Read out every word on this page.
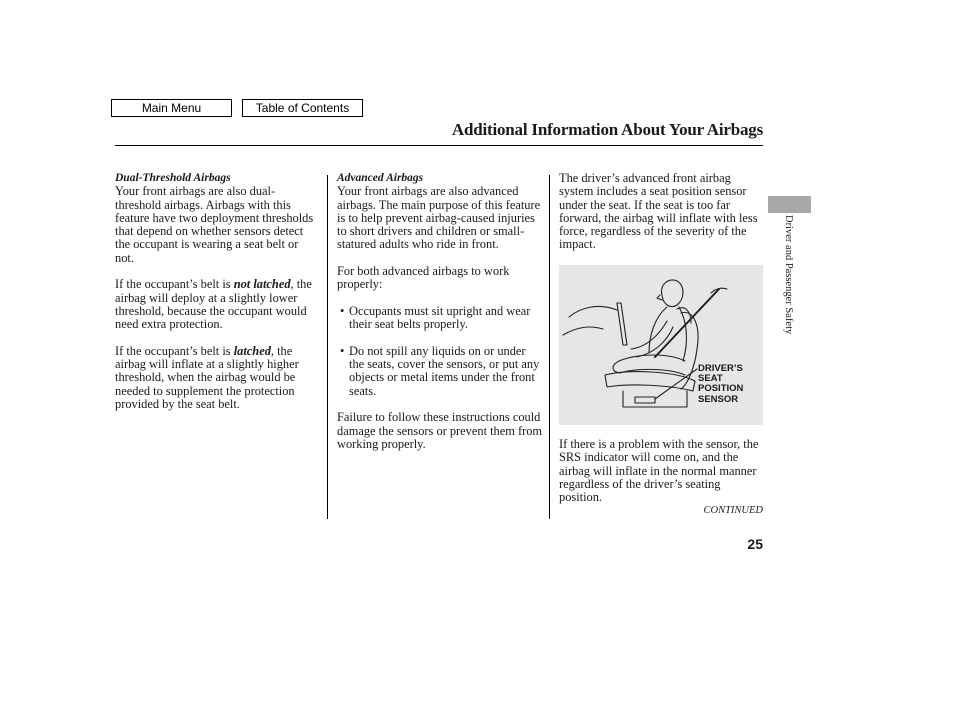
Main Menu	Table of Contents
Additional Information About Your Airbags
Driver and Passenger Safety
Dual-Threshold Airbags

Your front airbags are also dual-threshold airbags. Airbags with this feature have two deployment thresholds that depend on whether sensors detect the occupant is wearing a seat belt or not.

If the occupant’s belt is not latched, the airbag will deploy at a slightly lower threshold, because the occupant would need extra protection.

If the occupant’s belt is latched, the airbag will inflate at a slightly higher threshold, when the airbag would be needed to supplement the protection provided by the seat belt.

Advanced Airbags

Your front airbags are also advanced airbags. The main purpose of this feature is to help prevent airbag-caused injuries to short drivers and children or small-statured adults who ride in front.

For both advanced airbags to work properly:

• Occupants must sit upright and wear their seat belts properly.
• Do not spill any liquids on or under the seats, cover the sensors, or put any objects or metal items under the front seats.

Failure to follow these instructions could damage the sensors or prevent them from working properly.

The driver’s advanced front airbag system includes a seat position sensor under the seat. If the seat is too far forward, the airbag will inflate with less force, regardless of the severity of the impact.

DRIVER’S
SEAT
POSITION
SENSOR

If there is a problem with the sensor, the SRS indicator will come on, and the airbag will inflate in the normal manner regardless of the driver’s seating position.

CONTINUED
25
